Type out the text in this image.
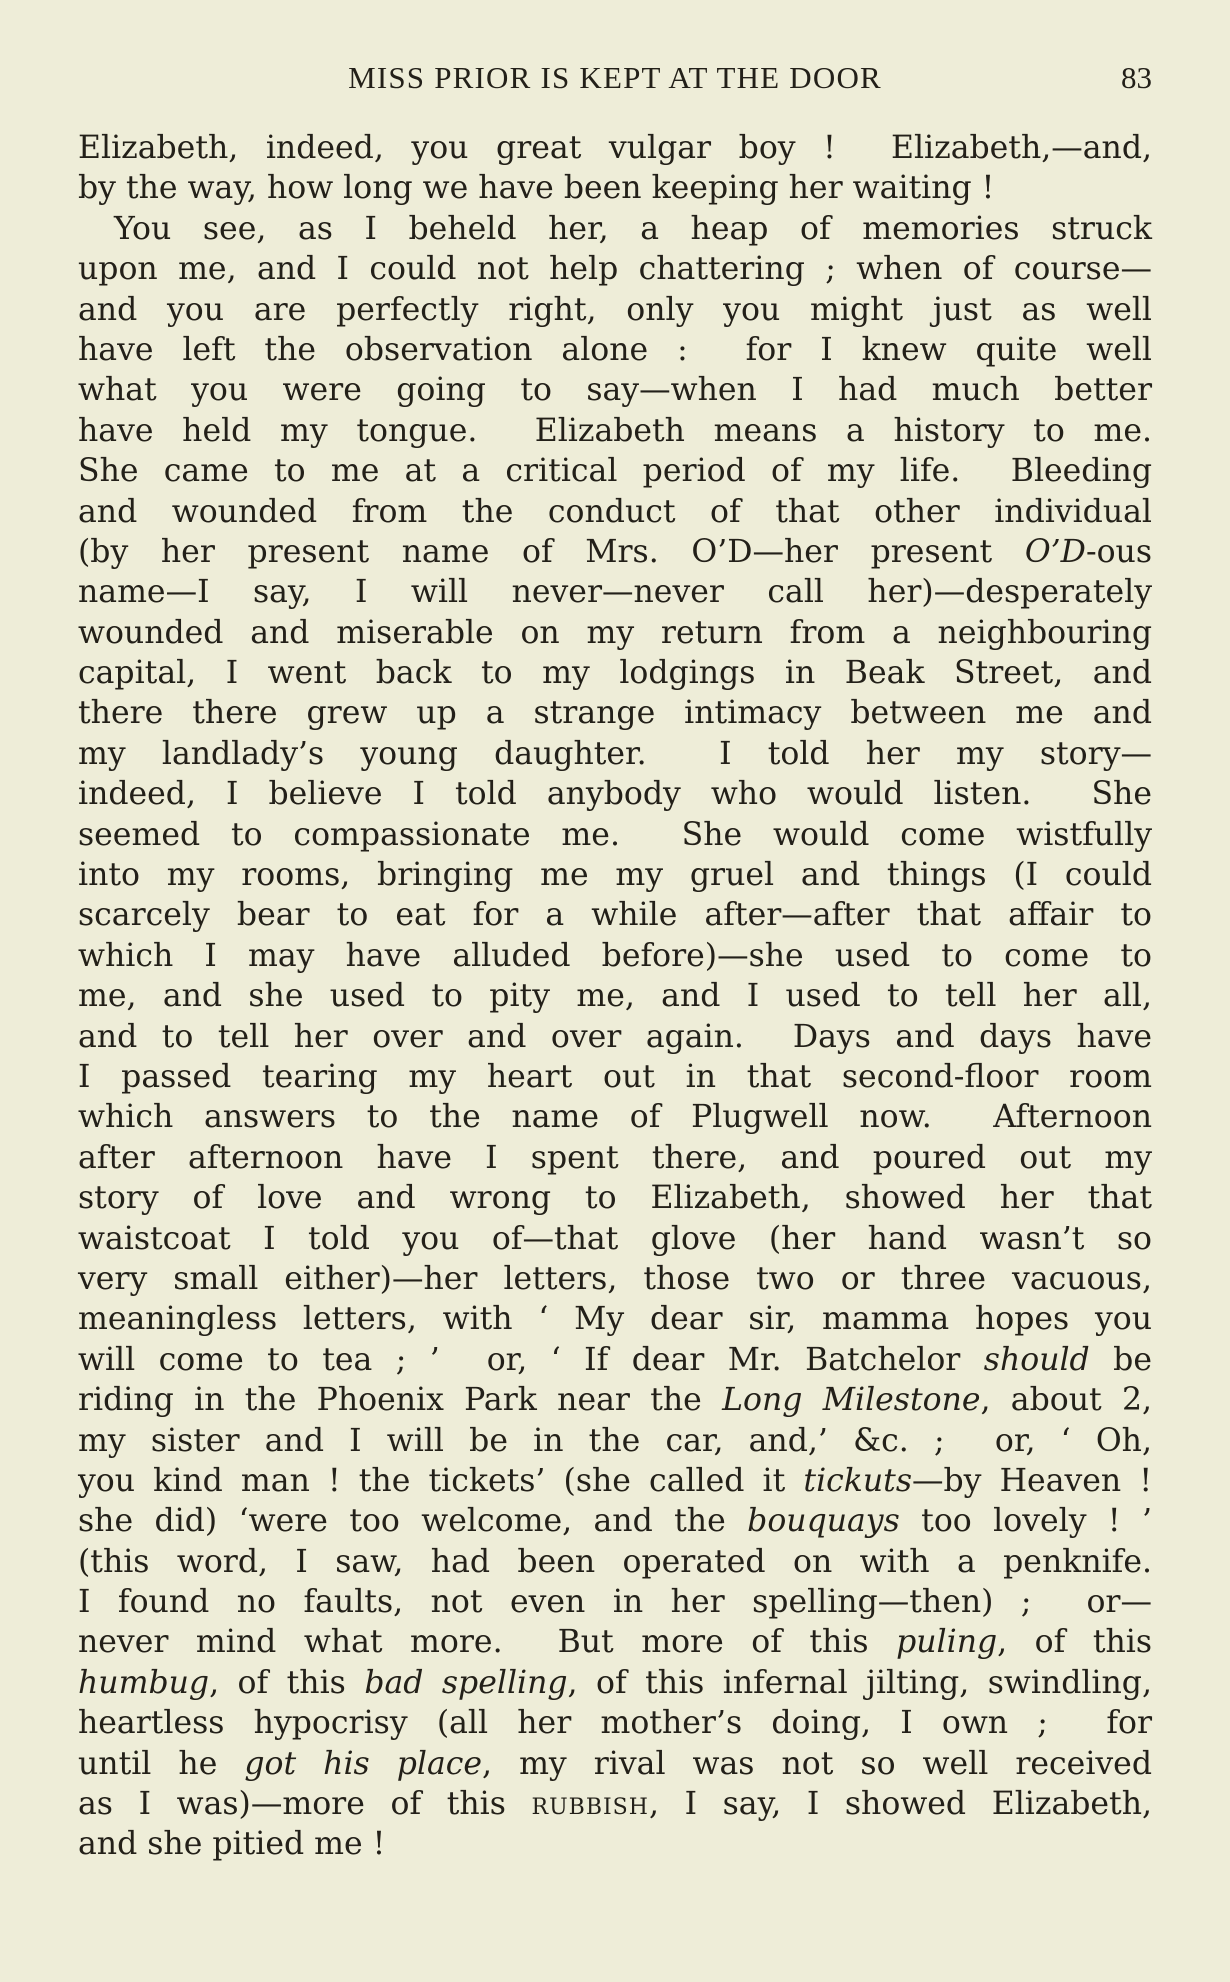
MISS PRIOR IS KEPT AT THE DOOR	83
Elizabeth, indeed, you great vulgar boy !  Elizabeth,—and,
by the way, how long we have been keeping her waiting !
You see, as I beheld her, a heap of memories struck
upon me, and I could not help chattering ; when of course—
and you are perfectly right, only you might just as well
have left the observation alone :  for I knew quite well
what you were going to say—when I had much better
have held my tongue.  Elizabeth means a history to me.
She came to me at a critical period of my life.  Bleeding
and wounded from the conduct of that other individual
(by her present name of Mrs. O’D—her present O’D-ous
name—I say, I will never—never call her)—desperately
wounded and miserable on my return from a neighbouring
capital, I went back to my lodgings in Beak Street, and
there there grew up a strange intimacy between me and
my landlady’s young daughter.  I told her my story—
indeed, I believe I told anybody who would listen.  She
seemed to compassionate me.  She would come wistfully
into my rooms, bringing me my gruel and things (I could
scarcely bear to eat for a while after—after that affair to
which I may have alluded before)—she used to come to
me, and she used to pity me, and I used to tell her all,
and to tell her over and over again.  Days and days have
I passed tearing my heart out in that second-floor room
which answers to the name of Plugwell now.  Afternoon
after afternoon have I spent there, and poured out my
story of love and wrong to Elizabeth, showed her that
waistcoat I told you of—that glove (her hand wasn’t so
very small either)—her letters, those two or three vacuous,
meaningless letters, with ‘ My dear sir, mamma hopes you
will come to tea ; ’  or, ‘ If dear Mr. Batchelor should be
riding in the Phoenix Park near the Long Milestone, about 2,
my sister and I will be in the car, and,’ &c. ;  or, ‘ Oh,
you kind man ! the tickets’ (she called it tickuts—by Heaven !
she did) ‘were too welcome, and the bouquays too lovely ! ’
(this word, I saw, had been operated on with a penknife.
I found no faults, not even in her spelling—then) ;  or—
never mind what more.  But more of this puling, of this
humbug, of this bad spelling, of this infernal jilting, swindling,
heartless hypocrisy (all her mother’s doing, I own ;  for
until he got his place, my rival was not so well received
as I was)—more of this rubbish, I say, I showed Elizabeth,
and she pitied me !
